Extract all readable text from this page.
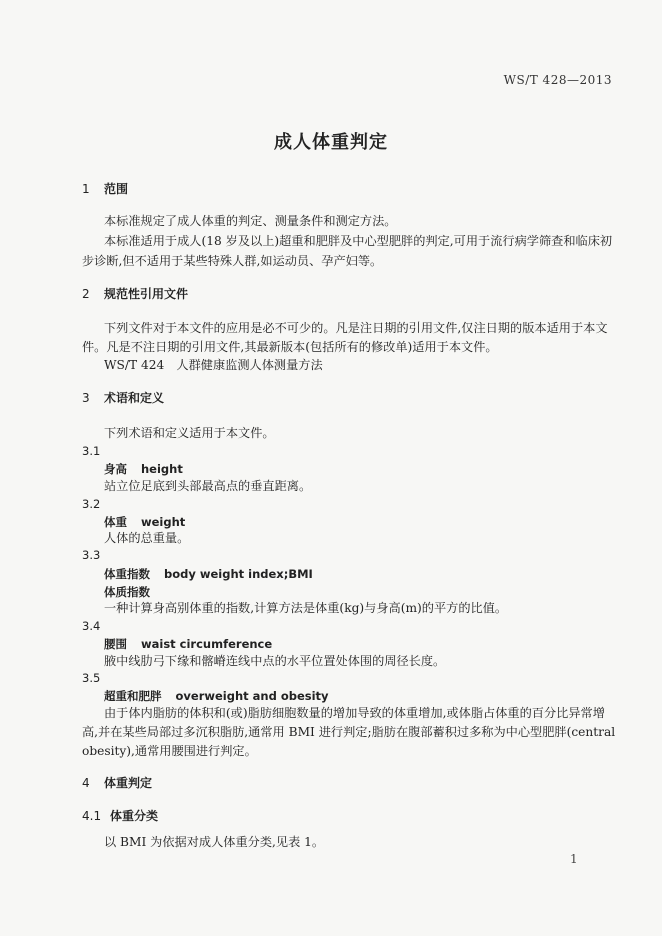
WS/T 428—2013
成人体重判定
1 范围
本标准规定了成人体重的判定、测量条件和测定方法。
本标准适用于成人(18 岁及以上)超重和肥胖及中心型肥胖的判定,可用于流行病学筛查和临床初
步诊断,但不适用于某些特殊人群,如运动员、孕产妇等。
2 规范性引用文件
下列文件对于本文件的应用是必不可少的。凡是注日期的引用文件,仅注日期的版本适用于本文
件。凡是不注日期的引用文件,其最新版本(包括所有的修改单)适用于本文件。
WS/T 424　人群健康监测人体测量方法
3 术语和定义
下列术语和定义适用于本文件。
3.1
身高 height
站立位足底到头部最高点的垂直距离。
3.2
体重 weight
人体的总重量。
3.3
体重指数 body weight index;BMI
体质指数
一种计算身高别体重的指数,计算方法是体重(kg)与身高(m)的平方的比值。
3.4
腰围 waist circumference
腋中线肋弓下缘和髂嵴连线中点的水平位置处体围的周径长度。
3.5
超重和肥胖 overweight and obesity
由于体内脂肪的体积和(或)脂肪细胞数量的增加导致的体重增加,或体脂占体重的百分比异常增
高,并在某些局部过多沉积脂肪,通常用 BMI 进行判定;脂肪在腹部蓄积过多称为中心型肥胖(central
obesity),通常用腰围进行判定。
4 体重判定
4.1 体重分类
以 BMI 为依据对成人体重分类,见表 1。
1
